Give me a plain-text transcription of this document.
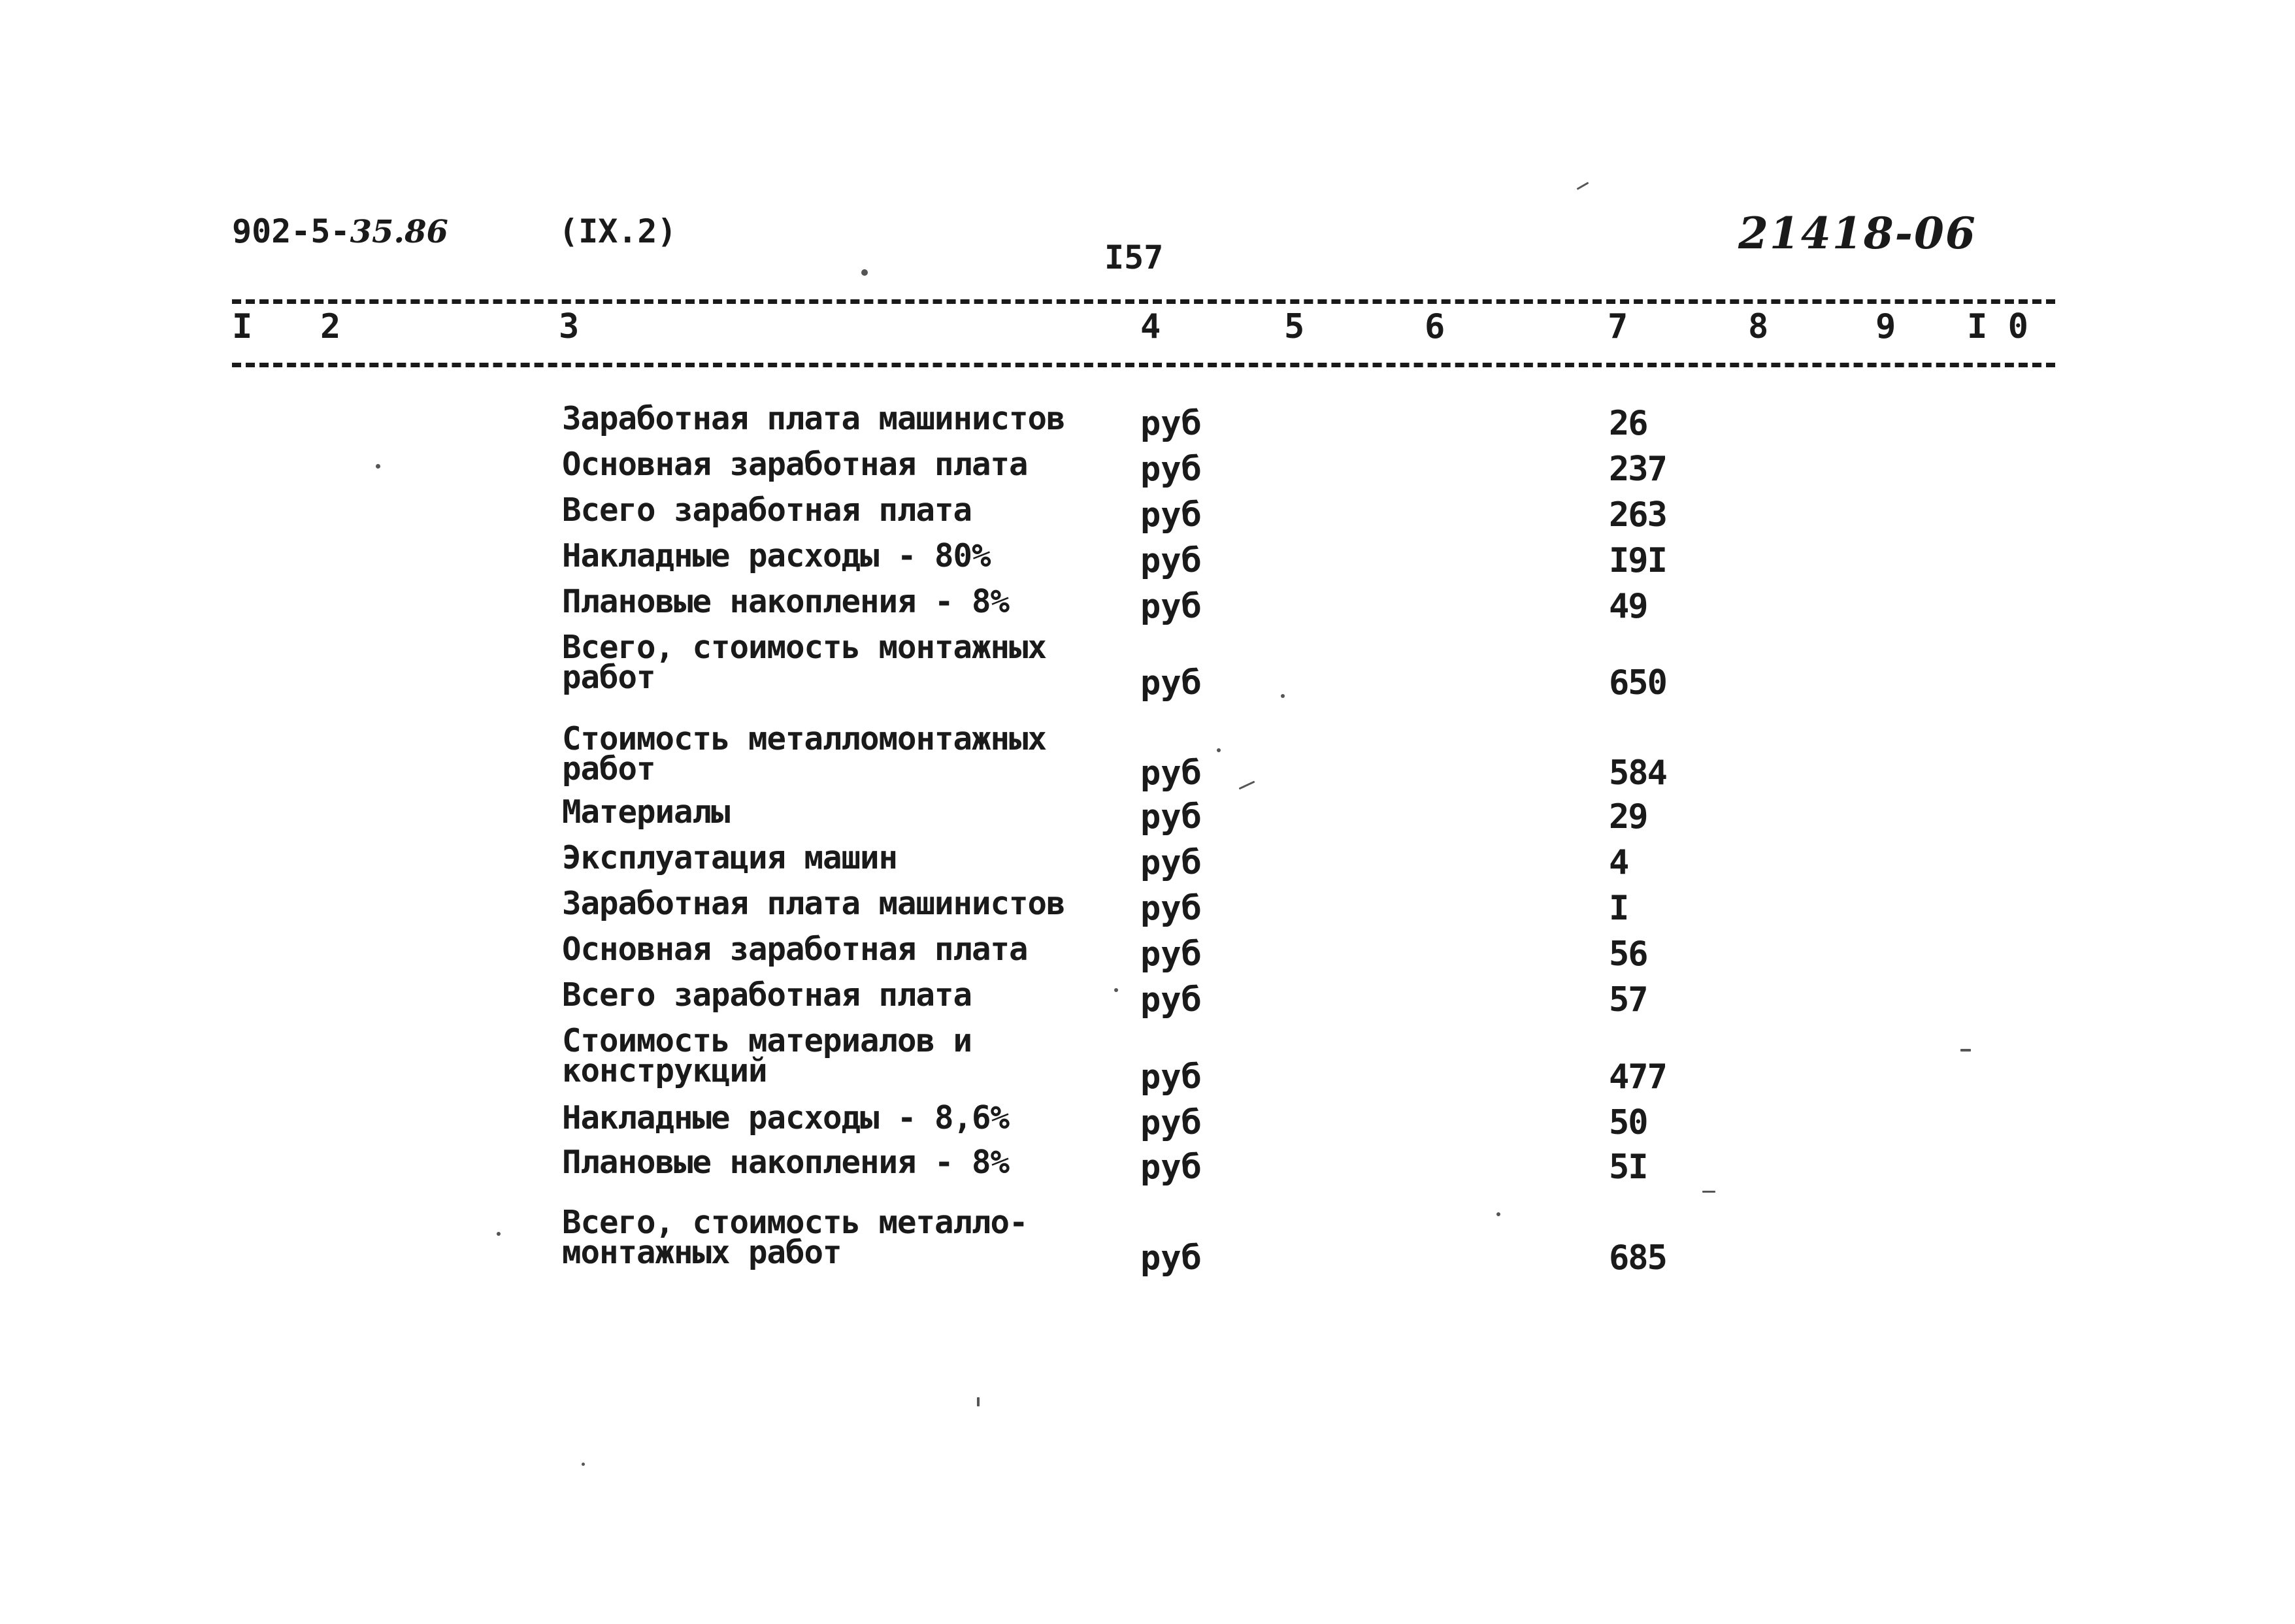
902-5-35.86	(IX.2)
I57	21418-06
I 2	3	4	5	6	7	8	9 I 0
Заработная плата машинистов руб	26
Основная заработная плата	руб	237
Всего заработная плата	руб	263
Накладные расходы - 80%	руб	I9I
Плановые накопления - 8%	руб	49
Всего, стоимость монтажных
работ	руб	650
Стоимость металломонтажных
работ	руб	584
Материалы	руб	29
Эксплуатация машин	руб	4
Заработная плата машинистов руб	I
Основная заработная плата	руб	56
Всего заработная плата	руб	57
Стоимость материалов и
конструкций	руб	477
Накладные расходы - 8,6%	руб	50
Плановые накопления - 8%	руб	5I
Всего, стоимость металло-
монтажных работ	руб	685
